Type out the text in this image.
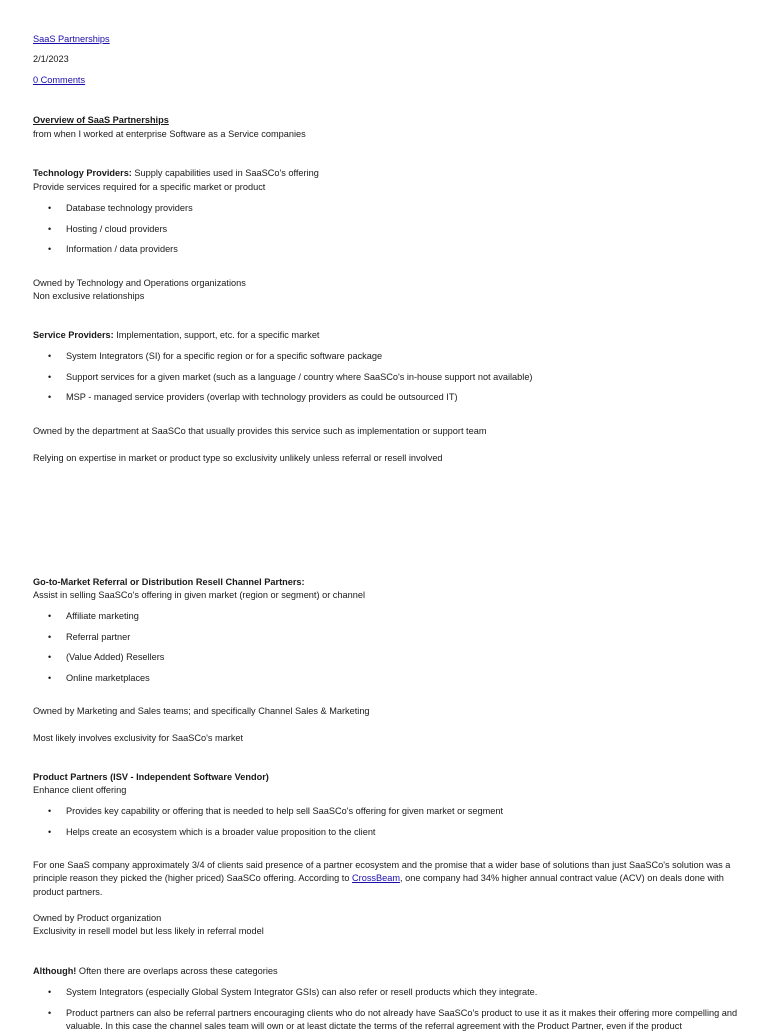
SaaS Partnerships
2/1/2023
0 Comments
Overview of SaaS Partnerships
from when I worked at enterprise Software as a Service companies
Technology Providers: Supply capabilities used in SaaSCo's offering
Provide services required for a specific market or product
• Database technology providers
• Hosting / cloud providers
• Information / data providers
Owned by Technology and Operations organizations
Non exclusive relationships
Service Providers: Implementation, support, etc. for a specific market
• System Integrators (SI) for a specific region or for a specific software package
• Support services for a given market (such as a language / country where SaaSCo's in-house support not available)
• MSP - managed service providers (overlap with technology providers as could be outsourced IT)
Owned by the department at SaaSCo that usually provides this service such as implementation or support team
Relying on expertise in market or product type so exclusivity unlikely unless referral or resell involved
Go-to-Market Referral or Distribution Resell Channel Partners:
Assist in selling SaaSCo's offering in given market (region or segment) or channel
• Affiliate marketing
• Referral partner
• (Value Added) Resellers
• Online marketplaces
Owned by Marketing and Sales teams; and specifically Channel Sales & Marketing
Most likely involves exclusivity for SaaSCo's market
Product Partners (ISV - Independent Software Vendor)
Enhance client offering
• Provides key capability or offering that is needed to help sell SaaSCo's offering for given market or segment
• Helps create an ecosystem which is a broader value proposition to the client

For one SaaS company approximately 3/4 of clients said presence of a partner ecosystem and the promise that a wider base of solutions than just SaaSCo's solution was a principle reason they picked the (higher priced) SaaSCo offering. According to CrossBeam, one company had 34% higher annual contract value (ACV) on deals done with product partners.

Owned by Product organization
Exclusivity in resell model but less likely in referral model
Although! Often there are overlaps across these categories
• System Integrators (especially Global System Integrator GSIs) can also refer or resell products which they integrate.
• Product partners can also be referral partners encouraging clients who do not already have SaaSCo's product to use it as it makes their offering more compelling and valuable. In this case the channel sales team will own or at least dictate the terms of the referral agreement with the Product Partner, even if the product
